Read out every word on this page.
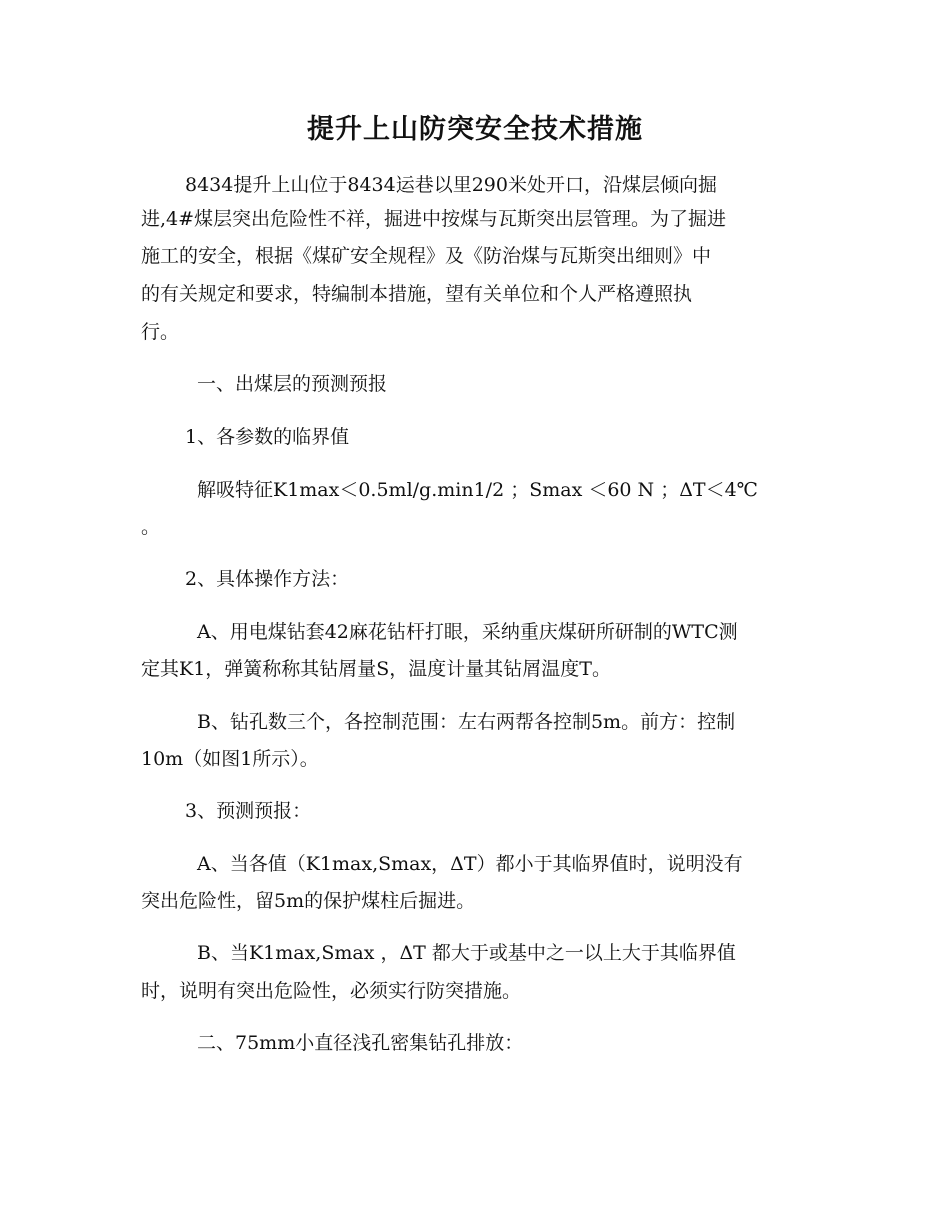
提升上山防突安全技术措施
8434提升上山位于8434运巷以里290米处开口，沿煤层倾向掘
进,4#煤层突出危险性不祥，掘进中按煤与瓦斯突出层管理。为了掘进
施工的安全，根据《煤矿安全规程》及《防治煤与瓦斯突出细则》中
的有关规定和要求，特编制本措施，望有关单位和个人严格遵照执
行。
一、出煤层的预测预报
1、各参数的临界值
解吸特征K1max＜0.5ml/g.min1/2 ；Smax ＜60 N ；ΔT＜4℃
。
2、具体操作方法：
A、用电煤钻套42麻花钻杆打眼，采纳重庆煤研所研制的WTC测
定其K1，弹簧称称其钻屑量S，温度计量其钻屑温度T。
B、钻孔数三个，各控制范围：左右两帮各控制5m。前方：控制
10m（如图1所示）。
3、预测预报：
A、当各值（K1max,Smax，ΔT）都小于其临界值时，说明没有
突出危险性，留5m的保护煤柱后掘进。
B、当K1max,Smax ，ΔT 都大于或基中之一以上大于其临界值
时，说明有突出危险性，必须实行防突措施。
二、75mm小直径浅孔密集钻孔排放：
